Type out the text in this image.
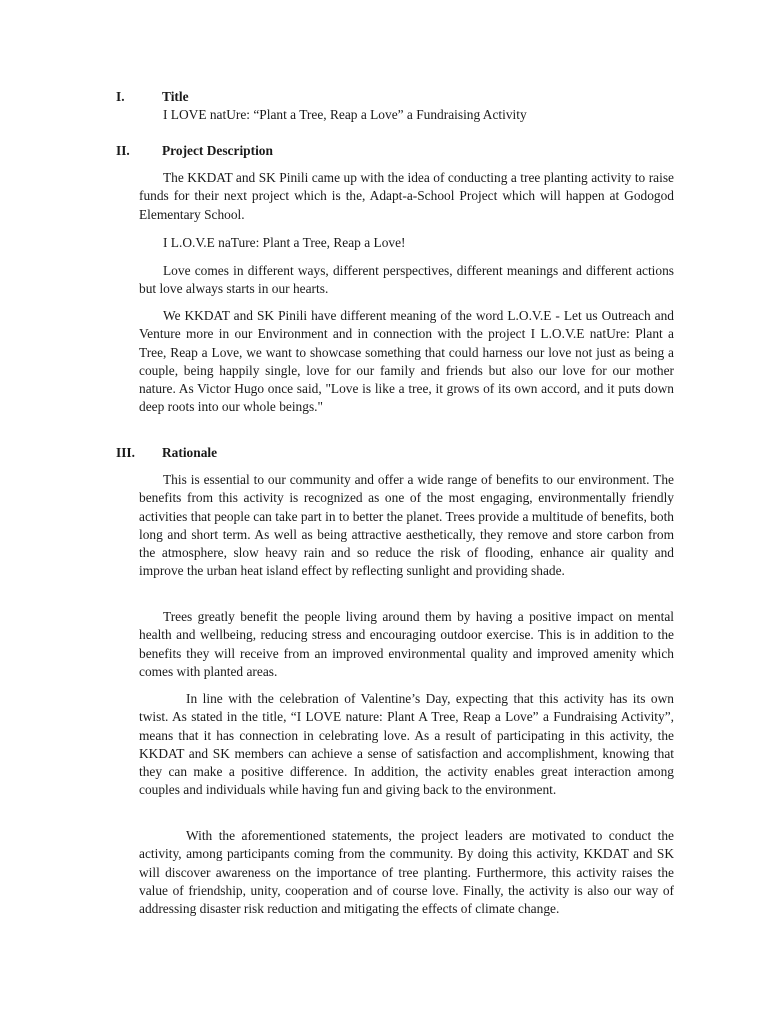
I.	Title
I LOVE natUre: “Plant a Tree, Reap a Love” a Fundraising Activity
II. Project Description

The KKDAT and SK Pinili came up with the idea of conducting a tree planting activity to raise funds for their next project which is the, Adapt-a-School Project which will happen at Godogod Elementary School.

I L.O.V.E naTure: Plant a Tree, Reap a Love!

Love comes in different ways, different perspectives, different meanings and different actions but love always starts in our hearts.

We KKDAT and SK Pinili have different meaning of the word L.O.V.E - Let us Outreach and Venture more in our Environment and in connection with the project I L.O.V.E natUre: Plant a Tree, Reap a Love, we want to showcase something that could harness our love not just as being a couple, being happily single, love for our family and friends but also our love for our mother nature. As Victor Hugo once said, "Love is like a tree, it grows of its own accord, and it puts down deep roots into our whole beings."

III. Rationale

This is essential to our community and offer a wide range of benefits to our environment. The benefits from this activity is recognized as one of the most engaging, environmentally friendly activities that people can take part in to better the planet. Trees provide a multitude of benefits, both long and short term. As well as being attractive aesthetically, they remove and store carbon from the atmosphere, slow heavy rain and so reduce the risk of flooding, enhance air quality and improve the urban heat island effect by reflecting sunlight and providing shade.

Trees greatly benefit the people living around them by having a positive impact on mental health and wellbeing, reducing stress and encouraging outdoor exercise. This is in addition to the benefits they will receive from an improved environmental quality and improved amenity which comes with planted areas.

In line with the celebration of Valentine’s Day, expecting that this activity has its own twist. As stated in the title, “I LOVE nature: Plant A Tree, Reap a Love” a Fundraising Activity”, means that it has connection in celebrating love. As a result of participating in this activity, the KKDAT and SK members can achieve a sense of satisfaction and accomplishment, knowing that they can make a positive difference. In addition, the activity enables great interaction among couples and individuals while having fun and giving back to the environment.

With the aforementioned statements, the project leaders are motivated to conduct the activity, among participants coming from the community. By doing this activity, KKDAT and SK will discover awareness on the importance of tree planting. Furthermore, this activity raises the value of friendship, unity, cooperation and of course love. Finally, the activity is also our way of addressing disaster risk reduction and mitigating the effects of climate change.
